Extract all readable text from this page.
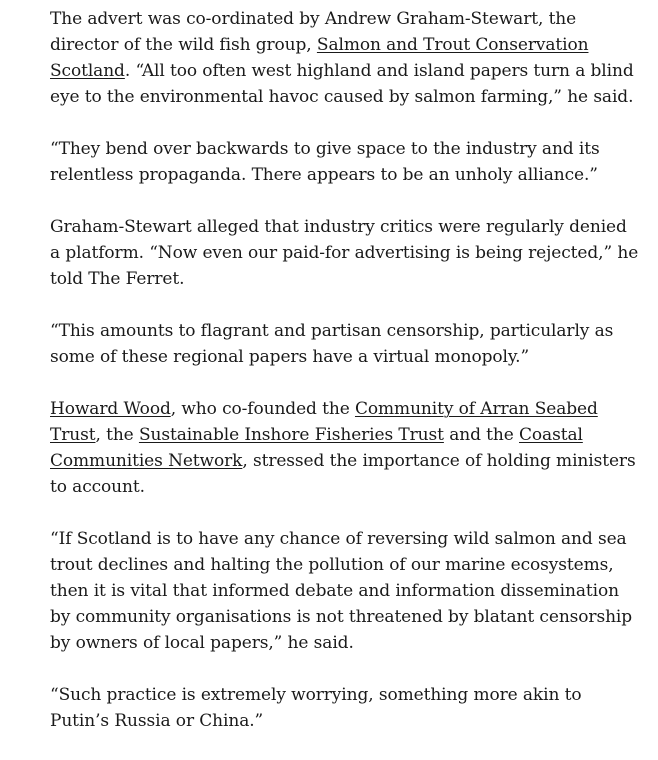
The advert was co-ordinated by Andrew Graham-Stewart, the director of the wild fish group, Salmon and Trout Conservation Scotland. “All too often west highland and island papers turn a blind eye to the environmental havoc caused by salmon farming,” he said.

“They bend over backwards to give space to the industry and its relentless propaganda. There appears to be an unholy alliance.”

Graham-Stewart alleged that industry critics were regularly denied a platform. “Now even our paid-for advertising is being rejected,” he told The Ferret.

“This amounts to flagrant and partisan censorship, particularly as some of these regional papers have a virtual monopoly.”

Howard Wood, who co-founded the Community of Arran Seabed Trust, the Sustainable Inshore Fisheries Trust and the Coastal Communities Network, stressed the importance of holding ministers to account.

“If Scotland is to have any chance of reversing wild salmon and sea trout declines and halting the pollution of our marine ecosystems, then it is vital that informed debate and information dissemination by community organisations is not threatened by blatant censorship by owners of local papers,” he said.

“Such practice is extremely worrying, something more akin to Putin’s Russia or China.”
